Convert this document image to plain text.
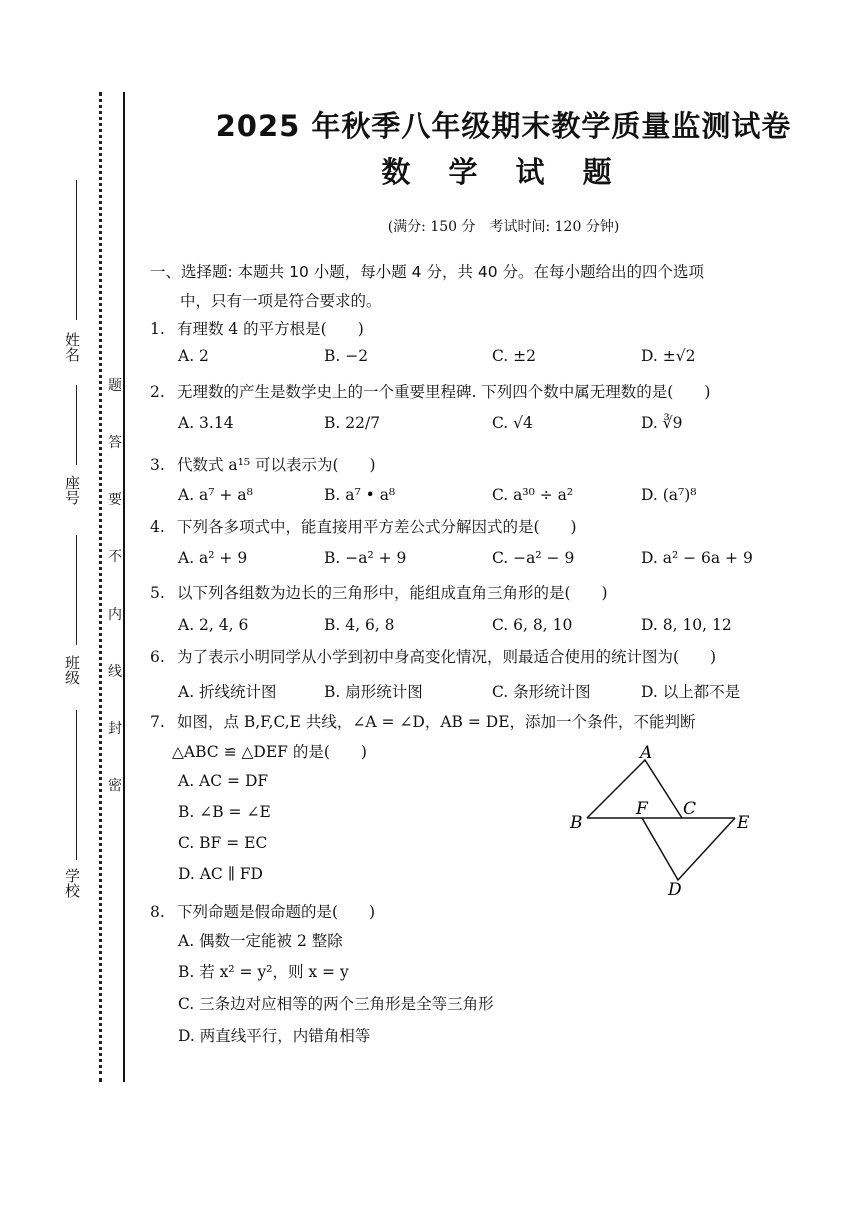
姓名
座号
班级
学校
题
答
要
不
内
线
封
密
2025 年秋季八年级期末教学质量监测试卷
数 学 试 题
(满分: 150 分　考试时间: 120 分钟)
一、选择题: 本题共 10 小题，每小题 4 分，共 40 分。在每小题给出的四个选项
中，只有一项是符合要求的。
1. 有理数 4 的平方根是(　　)
A. 2	B. −2	C. ±2	D. ±√2
2. 无理数的产生是数学史上的一个重要里程碑. 下列四个数中属无理数的是(　　)
A. 3.14	B. 22/7	C. √4	D. ∛9
3. 代数式 a¹⁵ 可以表示为(　　)
A. a⁷ + a⁸	B. a⁷ • a⁸	C. a³⁰ ÷ a²	D. (a⁷)⁸
4. 下列各多项式中，能直接用平方差公式分解因式的是(　　)
A. a² + 9	B. −a² + 9	C. −a² − 9	D. a² − 6a + 9
5. 以下列各组数为边长的三角形中，能组成直角三角形的是(　　)
A. 2, 4, 6	B. 4, 6, 8	C. 6, 8, 10	D. 8, 10, 12
6. 为了表示小明同学从小学到初中身高变化情况，则最适合使用的统计图为(　　)
A. 折线统计图	B. 扇形统计图	C. 条形统计图	D. 以上都不是
7. 如图，点 B,F,C,E 共线，∠A = ∠D，AB = DE，添加一个条件，不能判断
△ABC ≌ △DEF 的是(　　)
A. AC = DF
B. ∠B = ∠E
C. BF = EC
D. AC ∥ FD
A
B
C
D
E
F
8. 下列命题是假命题的是(　　)
A. 偶数一定能被 2 整除
B. 若 x² = y²，则 x = y
C. 三条边对应相等的两个三角形是全等三角形
D. 两直线平行，内错角相等
